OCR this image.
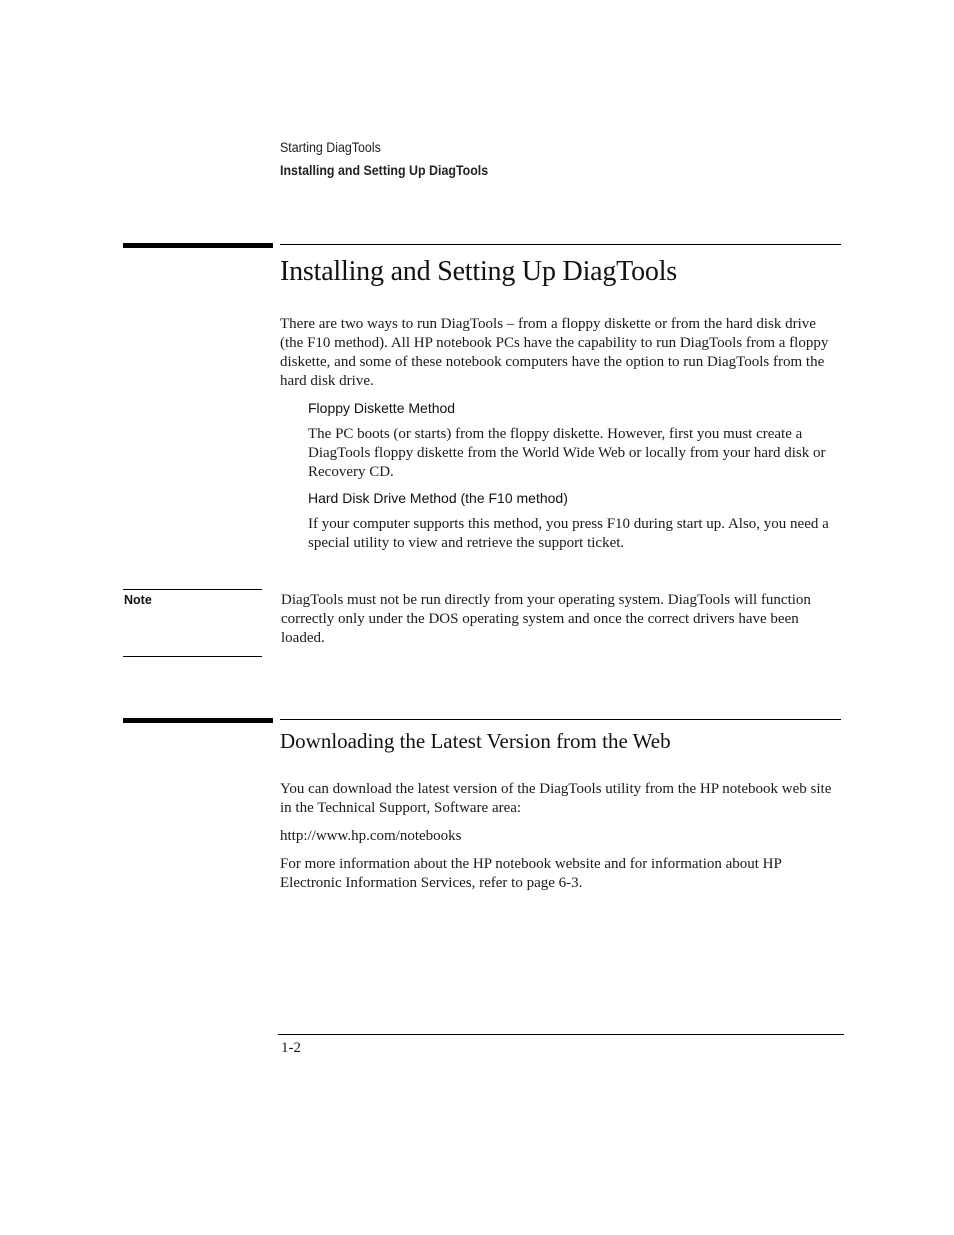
Starting DiagTools
Installing and Setting Up DiagTools
Installing and Setting Up DiagTools

There are two ways to run DiagTools – from a floppy diskette or from the hard disk drive (the F10 method). All HP notebook PCs have the capability to run DiagTools from a floppy diskette, and some of these notebook computers have the option to run DiagTools from the hard disk drive.

Floppy Diskette Method

The PC boots (or starts) from the floppy diskette. However, first you must create a DiagTools floppy diskette from the World Wide Web or locally from your hard disk or Recovery CD.

Hard Disk Drive Method (the F10 method)

If your computer supports this method, you press F10 during start up. Also, you need a special utility to view and retrieve the support ticket.

Note	DiagTools must not be run directly from your operating system. DiagTools will function correctly only under the DOS operating system and once the correct drivers have been loaded.

Downloading the Latest Version from the Web

You can download the latest version of the DiagTools utility from the HP notebook web site in the Technical Support, Software area:

http://www.hp.com/notebooks

For more information about the HP notebook website and for information about HP Electronic Information Services, refer to page 6-3.

1-2
